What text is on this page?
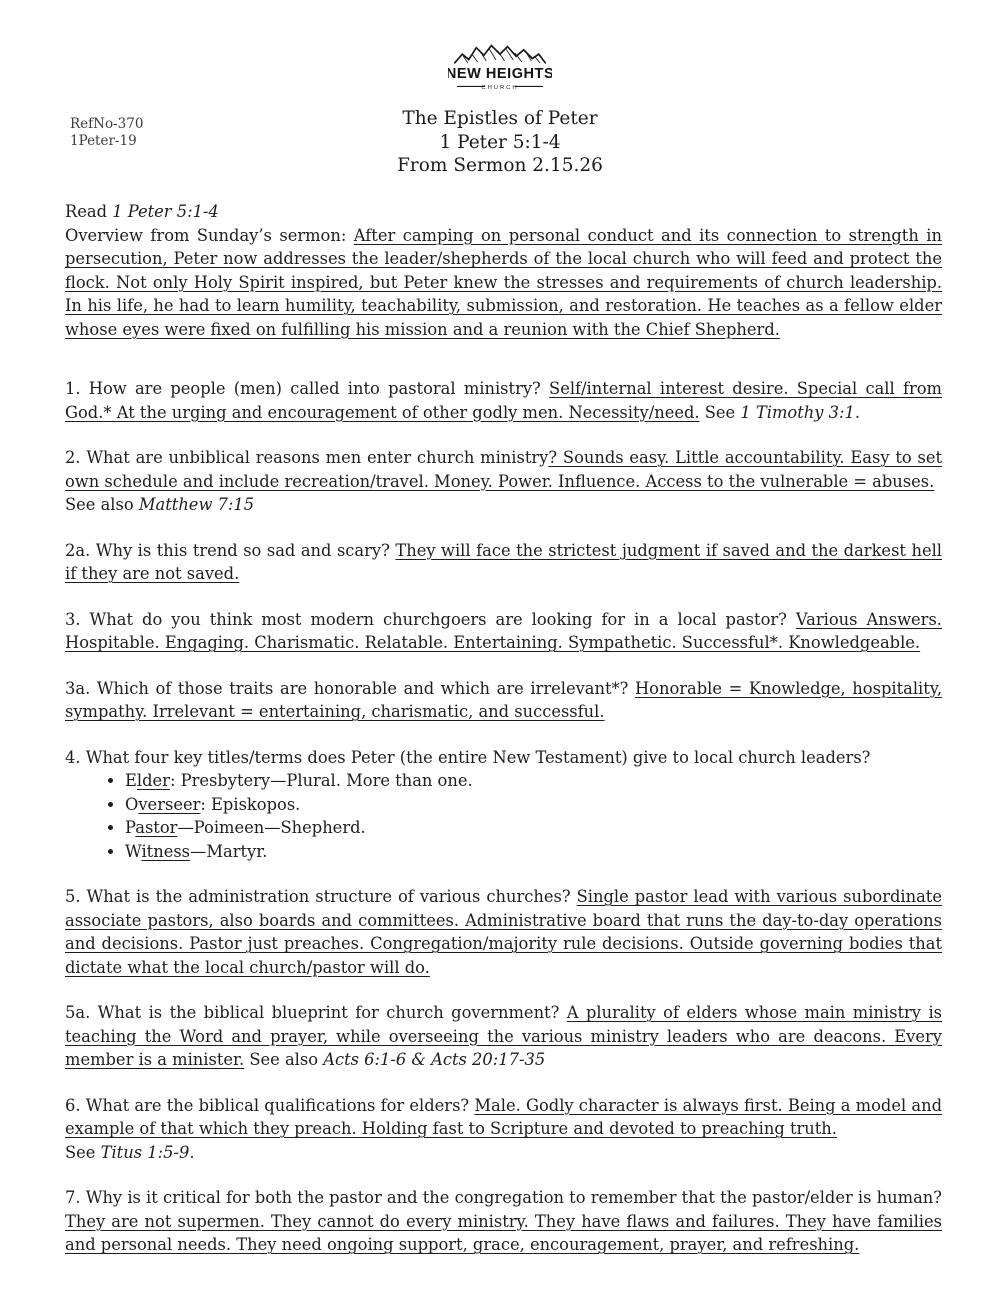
NEW HEIGHTS
CHURCH
RefNo-370
1Peter-19
The Epistles of Peter
1 Peter 5:1-4
From Sermon 2.15.26

Read 1 Peter 5:1-4

Overview from Sunday’s sermon: After camping on personal conduct and its connection to strength in persecution, Peter now addresses the leader/shepherds of the local church who will feed and protect the flock. Not only Holy Spirit inspired, but Peter knew the stresses and requirements of church leadership. In his life, he had to learn humility, teachability, submission, and restoration. He teaches as a fellow elder whose eyes were fixed on fulfilling his mission and a reunion with the Chief Shepherd.

1. How are people (men) called into pastoral ministry? Self/internal interest desire. Special call from God.* At the urging and encouragement of other godly men. Necessity/need. See 1 Timothy 3:1.

2. What are unbiblical reasons men enter church ministry? Sounds easy. Little accountability. Easy to set own schedule and include recreation/travel. Money. Power. Influence. Access to the vulnerable = abuses.
See also Matthew 7:15

2a. Why is this trend so sad and scary? They will face the strictest judgment if saved and the darkest hell if they are not saved.

3. What do you think most modern churchgoers are looking for in a local pastor? Various Answers. Hospitable. Engaging. Charismatic. Relatable. Entertaining. Sympathetic. Successful*. Knowledgeable.

3a. Which of those traits are honorable and which are irrelevant*? Honorable = Knowledge, hospitality, sympathy. Irrelevant = entertaining, charismatic, and successful.

4. What four key titles/terms does Peter (the entire New Testament) give to local church leaders?

• Elder: Presbytery—Plural. More than one.
• Overseer: Episkopos.
• Pastor—Poimeen—Shepherd.
• Witness—Martyr.

5. What is the administration structure of various churches? Single pastor lead with various subordinate associate pastors, also boards and committees. Administrative board that runs the day-to-day operations and decisions. Pastor just preaches. Congregation/majority rule decisions. Outside governing bodies that dictate what the local church/pastor will do.

5a. What is the biblical blueprint for church government? A plurality of elders whose main ministry is teaching the Word and prayer, while overseeing the various ministry leaders who are deacons. Every member is a minister. See also Acts 6:1-6 & Acts 20:17-35

6. What are the biblical qualifications for elders? Male. Godly character is always first. Being a model and example of that which they preach. Holding fast to Scripture and devoted to preaching truth.
See Titus 1:5-9.

7. Why is it critical for both the pastor and the congregation to remember that the pastor/elder is human? They are not supermen. They cannot do every ministry. They have flaws and failures. They have families and personal needs. They need ongoing support, grace, encouragement, prayer, and refreshing.
